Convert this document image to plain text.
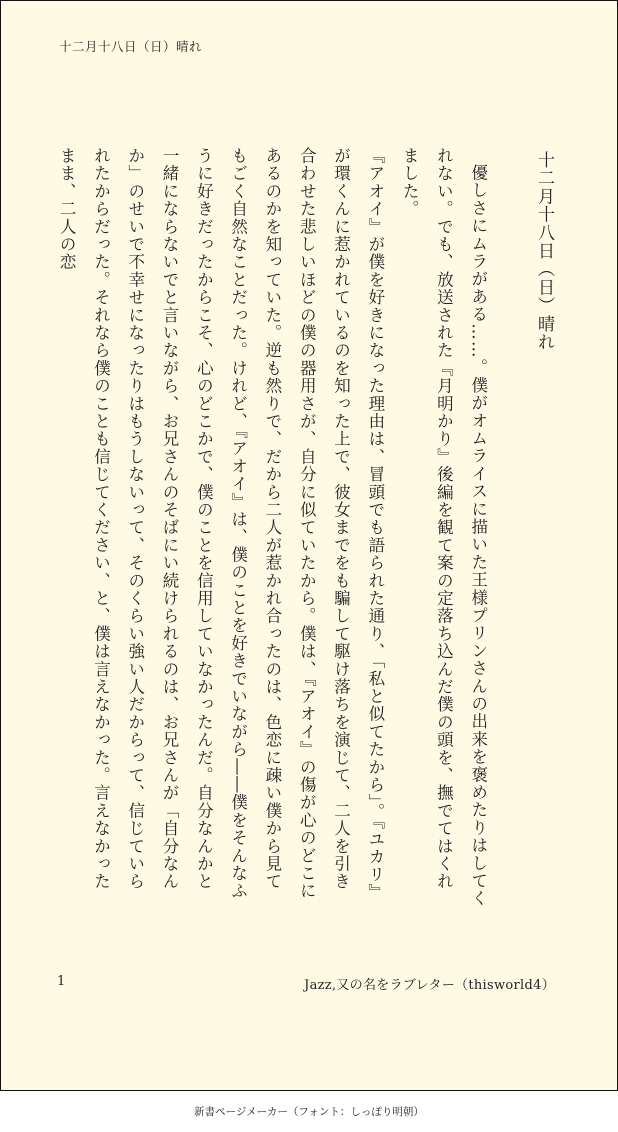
十二月十八日（日）晴れ
十二月十八日（日）晴れ

優しさにムラがある……。僕がオムライスに描いた王様プリンさんの出来を褒めたりはしてくれない。でも、放送された『月明かり』後編を観て案の定落ち込んだ僕の頭を、撫でてはくれました。

『アオイ』が僕を好きになった理由は、冒頭でも語られた通り、「私と似てたから」。『ユカリ』が環くんに惹かれているのを知った上で、彼女までをも騙して駆け落ちを演じて、二人を引き合わせた悲しいほどの僕の器用さが、自分に似ていたから。僕は、『アオイ』の傷が心のどこにあるのかを知っていた。逆も然りで、だから二人が惹かれ合ったのは、色恋に疎い僕から見てもごく自然なことだった。けれど、『アオイ』は、僕のことを好きでいながら――僕をそんなふうに好きだったからこそ、心のどこかで、僕のことを信用していなかったんだ。自分なんかと一緒にならないでと言いながら、お兄さんのそばにい続けられるのは、お兄さんが「自分なんか」のせいで不幸せになったりはもうしないって、そのくらい強い人だからって、信じていられたからだった。それなら僕のことも信じてください、と、僕は言えなかった。言えなかったまま、二人の恋

1	Jazz,又の名をラブレター（thisworld4）
新書ページメーカー（フォント：しっぽり明朝）
